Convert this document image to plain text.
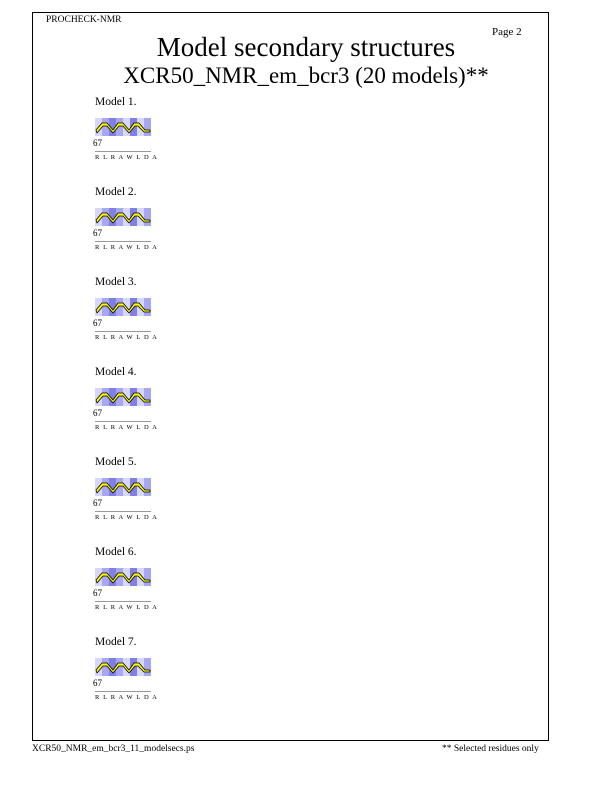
PROCHECK-NMR
Page 2
Model secondary structures
XCR50_NMR_em_bcr3 (20 models)**
Model 1.
67
R L R A W L D A
Model 2.
67
R L R A W L D A
Model 3.
67
R L R A W L D A
Model 4.
67
R L R A W L D A
Model 5.
67
R L R A W L D A
Model 6.
67
R L R A W L D A
Model 7.
67
R L R A W L D A
XCR50_NMR_em_bcr3_11_modelsecs.ps	** Selected residues only
